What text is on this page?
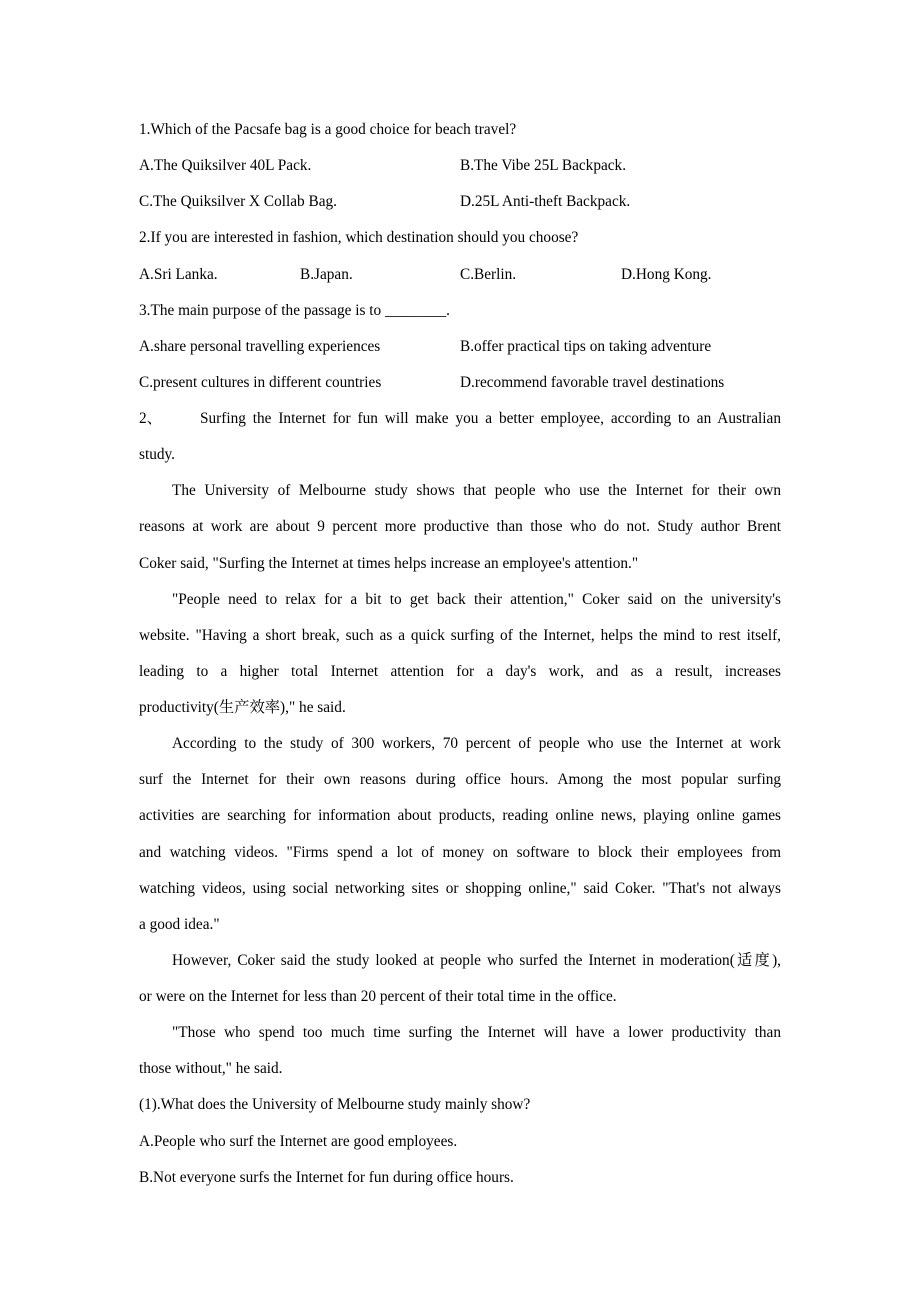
1.Which of the Pacsafe bag is a good choice for beach travel?
A.The Quiksilver 40L Pack.	B.The Vibe 25L Backpack.
C.The Quiksilver X Collab Bag.	D.25L Anti-theft Backpack.
2.If you are interested in fashion, which destination should you choose?
A.Sri Lanka.	B.Japan.	C.Berlin.	D.Hong Kong.
3.The main purpose of the passage is to ________.
A.share personal travelling experiences	B.offer practical tips on taking adventure
C.present cultures in different countries	D.recommend favorable travel destinations
2、 Surfing the Internet for fun will make you a better employee, according to an Australian
study.
The University of Melbourne study shows that people who use the Internet for their own
reasons at work are about 9 percent more productive than those who do not. Study author Brent
Coker said, "Surfing the Internet at times helps increase an employee's attention."
"People need to relax for a bit to get back their attention," Coker said on the university's
website. "Having a short break, such as a quick surfing of the Internet, helps the mind to rest itself,
leading to a higher total Internet attention for a day's work, and as a result, increases
productivity(生产效率)," he said.
According to the study of 300 workers, 70 percent of people who use the Internet at work
surf the Internet for their own reasons during office hours. Among the most popular surfing
activities are searching for information about products, reading online news, playing online games
and watching videos. "Firms spend a lot of money on software to block their employees from
watching videos, using social networking sites or shopping online," said Coker. "That's not always
a good idea."
However, Coker said the study looked at people who surfed the Internet in moderation(适度),
or were on the Internet for less than 20 percent of their total time in the office.
"Those who spend too much time surfing the Internet will have a lower productivity than
those without," he said.
(1).What does the University of Melbourne study mainly show?
A.People who surf the Internet are good employees.
B.Not everyone surfs the Internet for fun during office hours.
